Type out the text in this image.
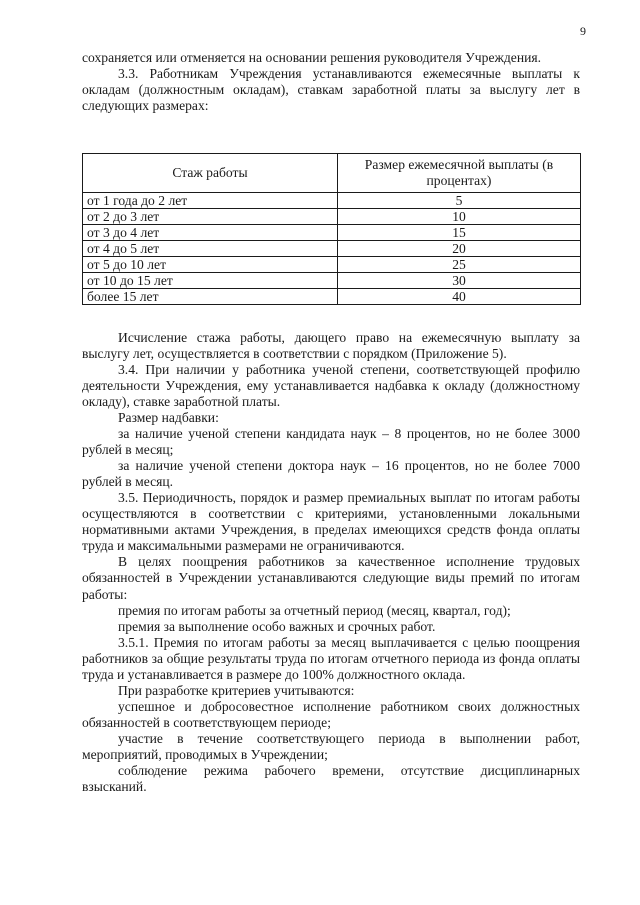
9

сохраняется или отменяется на основании решения руководителя Учреждения.

3.3. Работникам Учреждения устанавливаются ежемесячные выплаты к окладам (должностным окладам), ставкам заработной платы за выслугу лет в следующих размерах:

Стаж работы	Размер ежемесячной выплаты (в процентах)
от 1 года до 2 лет	5
от 2 до 3 лет	10
от 3 до 4 лет	15
от 4 до 5 лет	20
от 5 до 10 лет	25
от 10 до 15 лет	30
более 15 лет	40

Исчисление стажа работы, дающего право на ежемесячную выплату за выслугу лет, осуществляется в соответствии с порядком (Приложение 5).

3.4. При наличии у работника ученой степени, соответствующей профилю деятельности Учреждения, ему устанавливается надбавка к окладу (должностному окладу), ставке заработной платы.

Размер надбавки:

за наличие ученой степени кандидата наук – 8 процентов, но не более 3000 рублей в месяц;

за наличие ученой степени доктора наук – 16 процентов, но не более 7000 рублей в месяц.

3.5. Периодичность, порядок и размер премиальных выплат по итогам работы осуществляются в соответствии с критериями, установленными локальными нормативными актами Учреждения, в пределах имеющихся средств фонда оплаты труда и максимальными размерами не ограничиваются.

В целях поощрения работников за качественное исполнение трудовых обязанностей в Учреждении устанавливаются следующие виды премий по итогам работы:

премия по итогам работы за отчетный период (месяц, квартал, год);

премия за выполнение особо важных и срочных работ.

3.5.1. Премия по итогам работы за месяц выплачивается с целью поощрения работников за общие результаты труда по итогам отчетного периода из фонда оплаты труда и устанавливается в размере до 100% должностного оклада.

При разработке критериев учитываются:

успешное и добросовестное исполнение работником своих должностных обязанностей в соответствующем периоде;

участие в течение соответствующего периода в выполнении работ, мероприятий, проводимых в Учреждении;

соблюдение режима рабочего времени, отсутствие дисциплинарных взысканий.
